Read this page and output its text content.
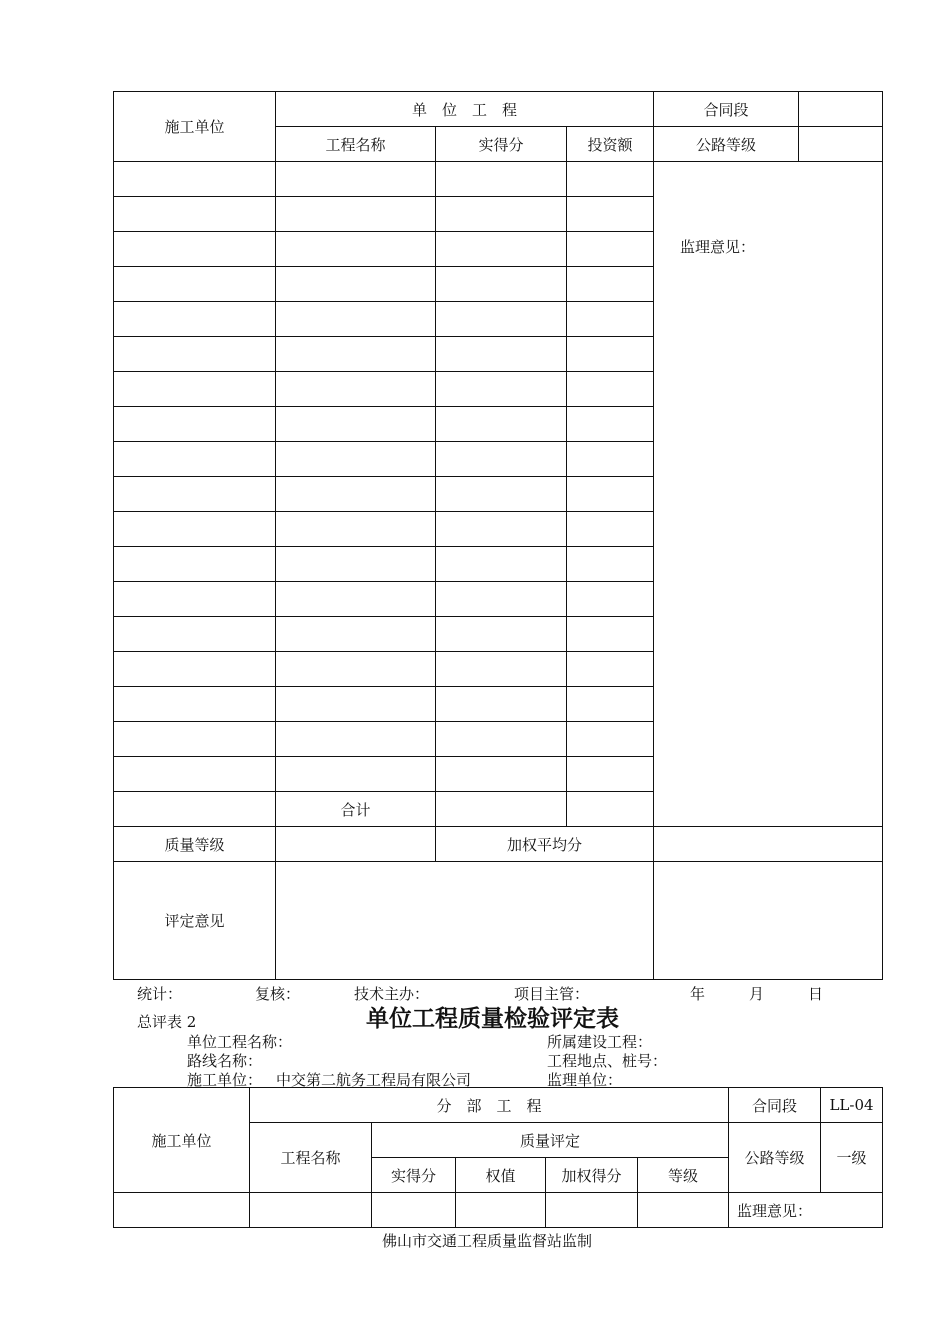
施工单位	单　位　工　程			合同段	
	工程名称	实得分	投资额	公路等级	
				监理意见：	

	合计				
质量等级		加权平均分			
评定意见					
统计：	复核：	技术主办：	项目主管：	年	月	日
总评表 2	单位工程质量检验评定表
单位工程名称：
路线名称：
施工单位： 中交第二航务工程局有限公司
所属建设工程：
工程地点、桩号：
监理单位：
施工单位	分　部　工　程					合同段	LL-04
	工程名称	质量评定				公路等级	一级
		实得分	权值	加权得分	等级		
						监理意见：	
佛山市交通工程质量监督站监制
